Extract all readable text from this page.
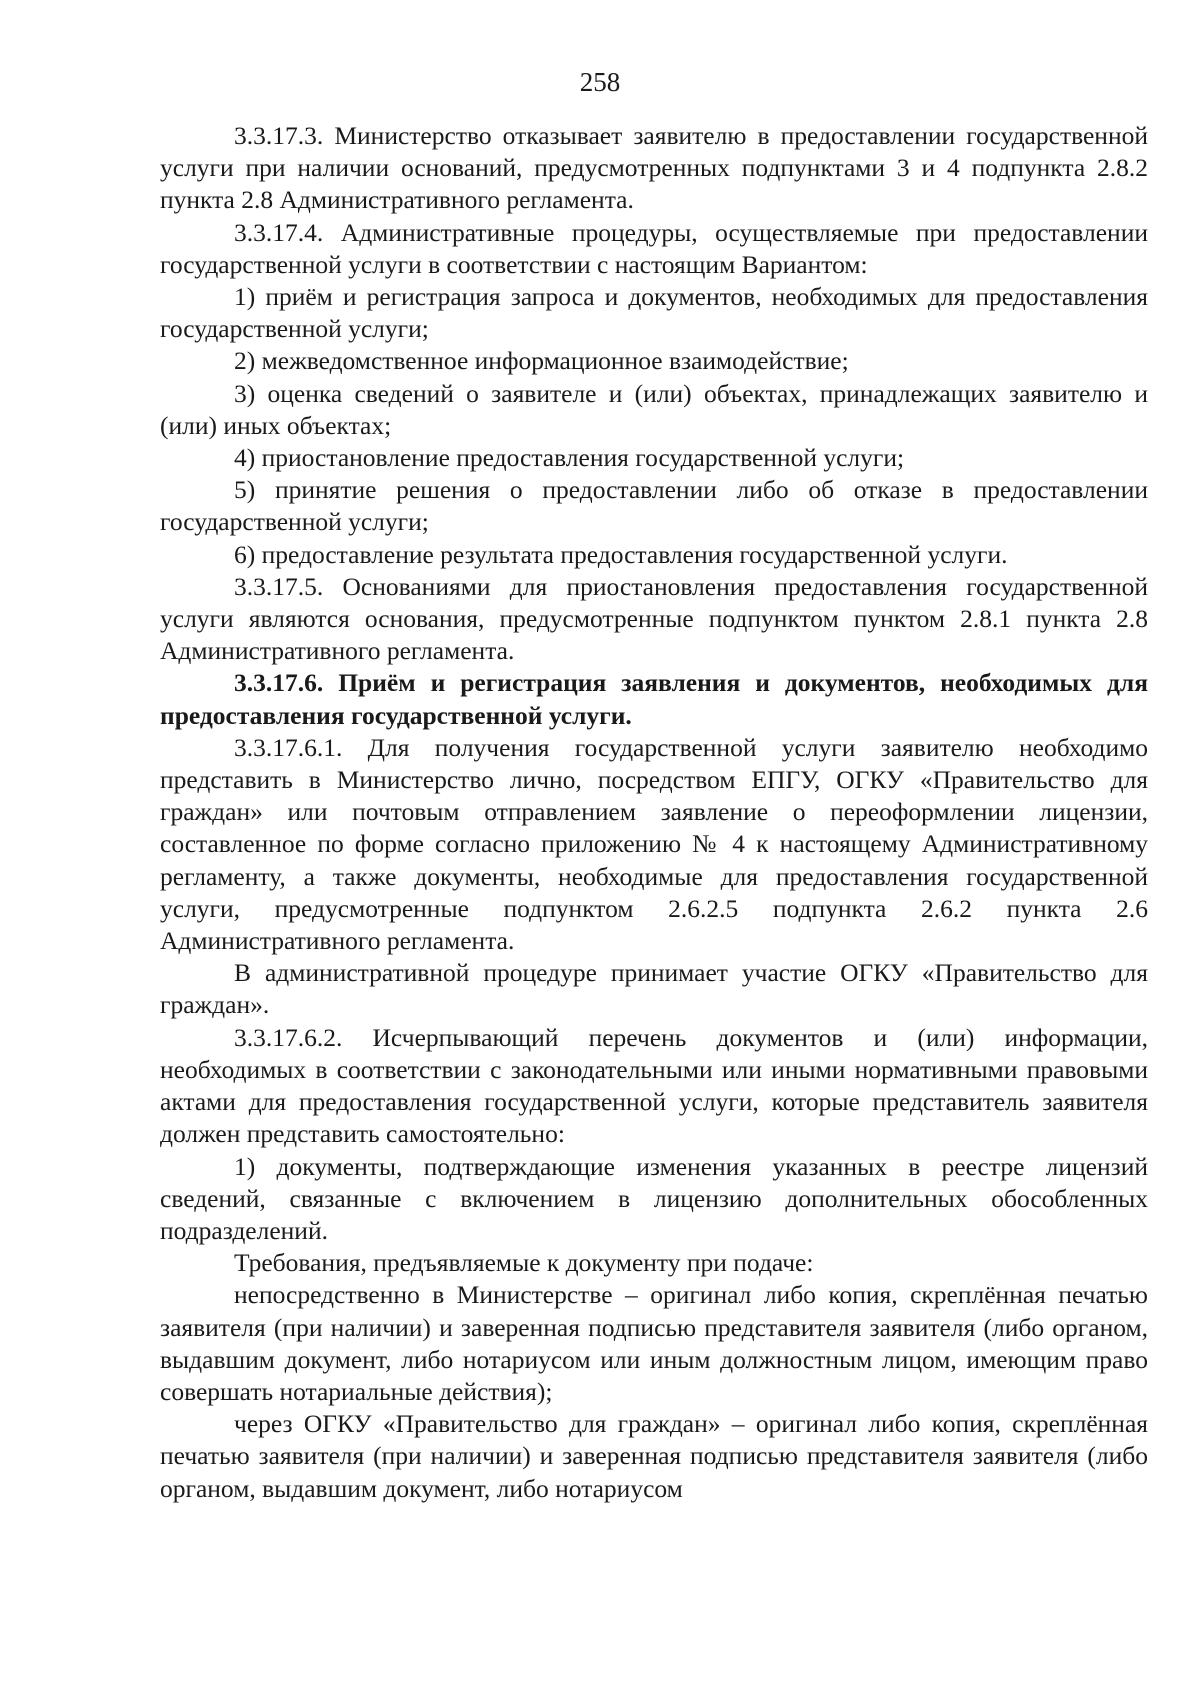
258

3.3.17.3. Министерство отказывает заявителю в предоставлении государственной услуги при наличии оснований, предусмотренных подпунктами 3 и 4 подпункта 2.8.2 пункта 2.8 Административного регламента.

3.3.17.4. Административные процедуры, осуществляемые при предоставлении государственной услуги в соответствии с настоящим Вариантом:

1) приём и регистрация запроса и документов, необходимых для предоставления государственной услуги;

2) межведомственное информационное взаимодействие;

3) оценка сведений о заявителе и (или) объектах, принадлежащих заявителю и (или) иных объектах;

4) приостановление предоставления государственной услуги;

5) принятие решения о предоставлении либо об отказе в предоставлении государственной услуги;

6) предоставление результата предоставления государственной услуги.

3.3.17.5. Основаниями для приостановления предоставления государственной услуги являются основания, предусмотренные подпунктом пунктом 2.8.1 пункта 2.8 Административного регламента.

3.3.17.6. Приём и регистрация заявления и документов, необходимых для предоставления государственной услуги.

3.3.17.6.1. Для получения государственной услуги заявителю необходимо представить в Министерство лично, посредством ЕПГУ, ОГКУ «Правительство для граждан» или почтовым отправлением заявление о переоформлении лицензии, составленное по форме согласно приложению № 4 к настоящему Административному регламенту, а также документы, необходимые для предоставления государственной услуги, предусмотренные подпунктом 2.6.2.5 подпункта 2.6.2 пункта 2.6 Административного регламента.

В административной процедуре принимает участие ОГКУ «Правительство для граждан».

3.3.17.6.2. Исчерпывающий перечень документов и (или) информации, необходимых в соответствии с законодательными или иными нормативными правовыми актами для предоставления государственной услуги, которые представитель заявителя должен представить самостоятельно:

1) документы, подтверждающие изменения указанных в реестре лицензий сведений, связанные с включением в лицензию дополнительных обособленных подразделений.

Требования, предъявляемые к документу при подаче:

непосредственно в Министерстве – оригинал либо копия, скреплённая печатью заявителя (при наличии) и заверенная подписью представителя заявителя (либо органом, выдавшим документ, либо нотариусом или иным должностным лицом, имеющим право совершать нотариальные действия);

через ОГКУ «Правительство для граждан» – оригинал либо копия, скреплённая печатью заявителя (при наличии) и заверенная подписью представителя заявителя (либо органом, выдавшим документ, либо нотариусом
